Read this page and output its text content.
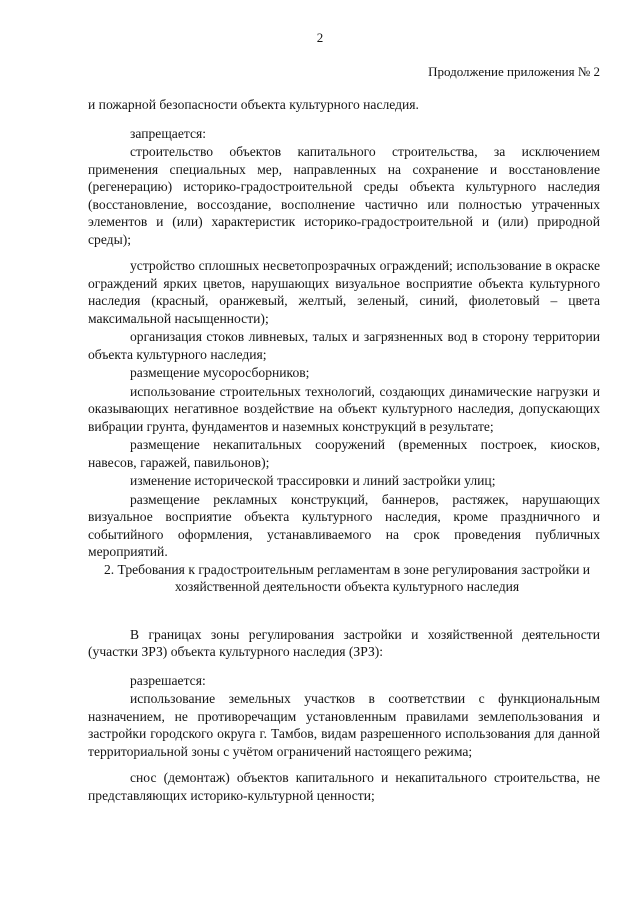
2
Продолжение приложения № 2

и пожарной безопасности объекта культурного наследия.

запрещается:

строительство объектов капитального строительства, за исключением применения специальных мер, направленных на сохранение и восстановление (регенерацию) историко-градостроительной среды объекта культурного наследия (восстановление, воссоздание, восполнение частично или полностью утраченных элементов и (или) характеристик историко-градостроительной и (или) природной среды);

устройство сплошных несветопрозрачных ограждений; использование в окраске ограждений ярких цветов, нарушающих визуальное восприятие объекта культурного наследия (красный, оранжевый, желтый, зеленый, синий, фиолетовый – цвета максимальной насыщенности);

организация стоков ливневых, талых и загрязненных вод в сторону территории объекта культурного наследия;

размещение мусоросборников;

использование строительных технологий, создающих динамические нагрузки и оказывающих негативное воздействие на объект культурного наследия, допускающих вибрации грунта, фундаментов и наземных конструкций в результате;

размещение некапитальных сооружений (временных построек, киосков, навесов, гаражей, павильонов);

изменение исторической трассировки и линий застройки улиц;

размещение рекламных конструкций, баннеров, растяжек, нарушающих визуальное восприятие объекта культурного наследия, кроме праздничного и событийного оформления, устанавливаемого на срок проведения публичных мероприятий.

2. Требования к градостроительным регламентам в зоне регулирования застройки и хозяйственной деятельности объекта культурного наследия

В границах зоны регулирования застройки и хозяйственной деятельности (участки ЗРЗ) объекта культурного наследия (ЗРЗ):

разрешается:

использование земельных участков в соответствии с функциональным назначением, не противоречащим установленным правилами землепользования и застройки городского округа г. Тамбов, видам разрешенного использования для данной территориальной зоны с учётом ограничений настоящего режима;

снос (демонтаж) объектов капитального и некапитального строительства, не представляющих историко-культурной ценности;
